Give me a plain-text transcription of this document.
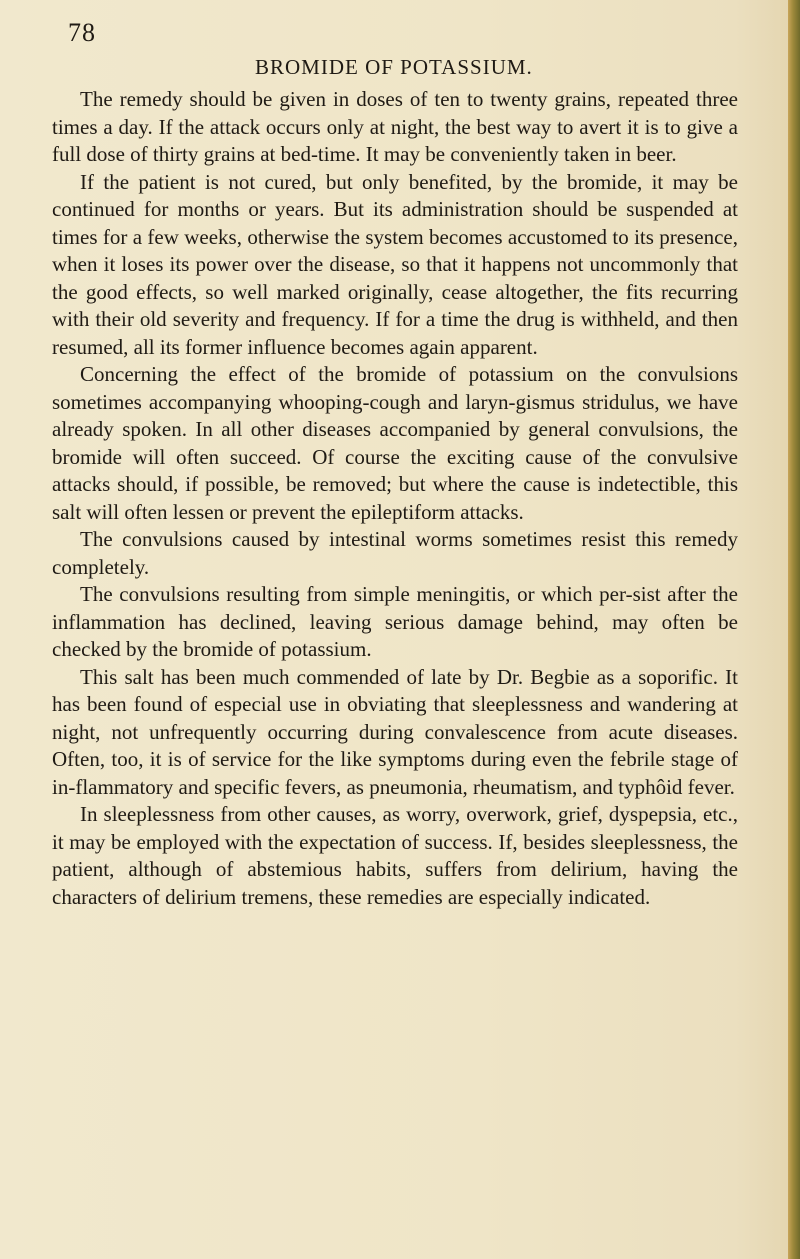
78

BROMIDE OF POTASSIUM.

The remedy should be given in doses of ten to twenty grains, repeated three times a day. If the attack occurs only at night, the best way to avert it is to give a full dose of thirty grains at bed-time. It may be conveniently taken in beer.

If the patient is not cured, but only benefited, by the bromide, it may be continued for months or years. But its administration should be suspended at times for a few weeks, otherwise the system becomes accustomed to its presence, when it loses its power over the disease, so that it happens not uncommonly that the good effects, so well marked originally, cease altogether, the fits recurring with their old severity and frequency. If for a time the drug is withheld, and then resumed, all its former influence becomes again apparent.

Concerning the effect of the bromide of potassium on the convulsions sometimes accompanying whooping-cough and laryn-gismus stridulus, we have already spoken. In all other diseases accompanied by general convulsions, the bromide will often succeed. Of course the exciting cause of the convulsive attacks should, if possible, be removed; but where the cause is indetectible, this salt will often lessen or prevent the epileptiform attacks.

The convulsions caused by intestinal worms sometimes resist this remedy completely.

The convulsions resulting from simple meningitis, or which per-sist after the inflammation has declined, leaving serious damage behind, may often be checked by the bromide of potassium.

This salt has been much commended of late by Dr. Begbie as a soporific. It has been found of especial use in obviating that sleeplessness and wandering at night, not unfrequently occurring during convalescence from acute diseases. Often, too, it is of service for the like symptoms during even the febrile stage of in-flammatory and specific fevers, as pneumonia, rheumatism, and typhôid fever.

In sleeplessness from other causes, as worry, overwork, grief, dyspepsia, etc., it may be employed with the expectation of success. If, besides sleeplessness, the patient, although of abstemious habits, suffers from delirium, having the characters of delirium tremens, these remedies are especially indicated.
